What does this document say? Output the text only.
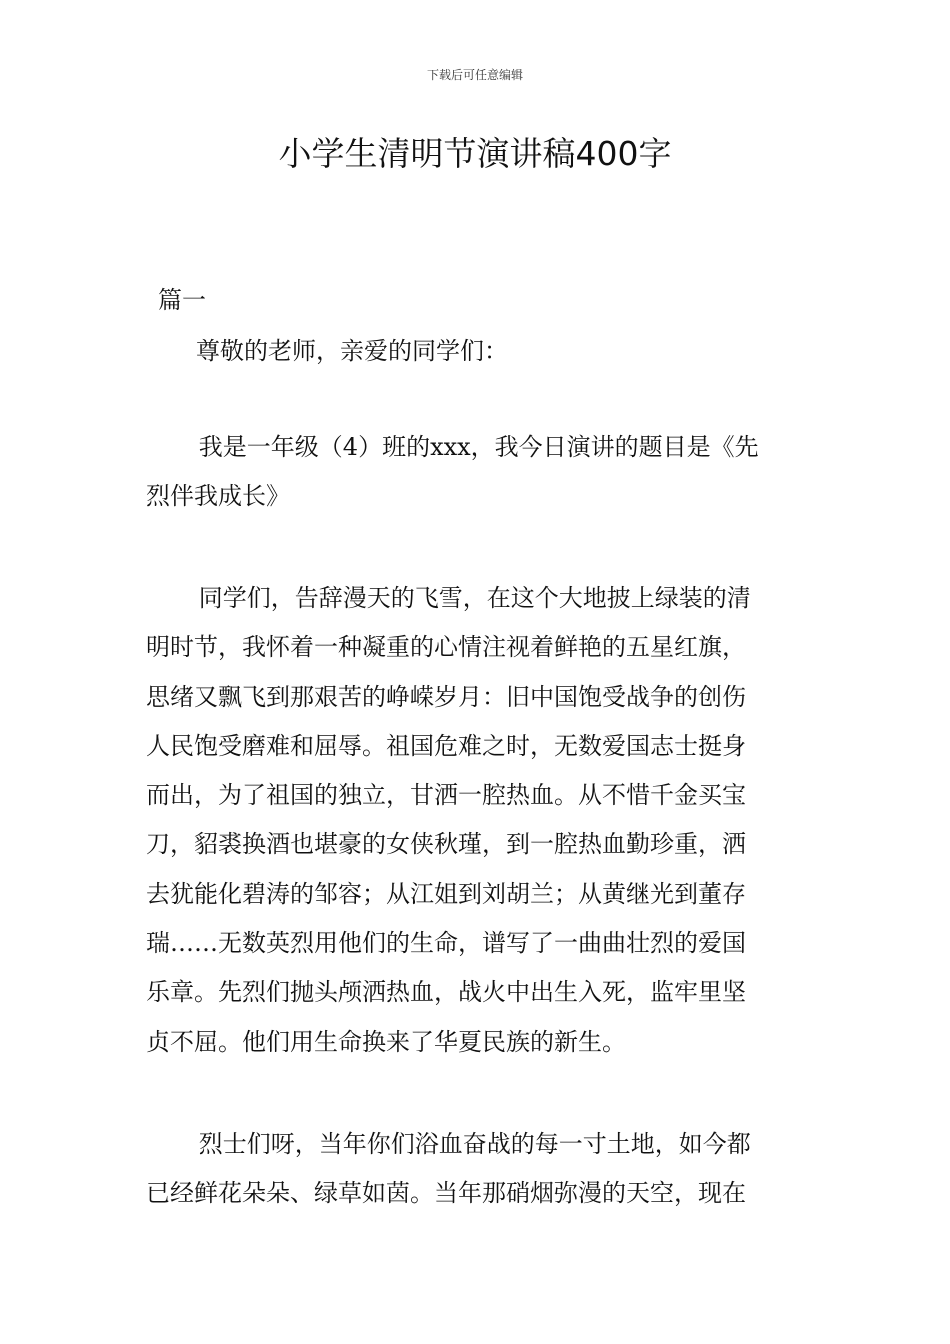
下载后可任意编辑
小学生清明节演讲稿400字
篇一
尊敬的老师，亲爱的同学们：
我是一年级（4）班的xxx，我今日演讲的题目是《先
烈伴我成长》
同学们，告辞漫天的飞雪，在这个大地披上绿装的清
明时节，我怀着一种凝重的心情注视着鲜艳的五星红旗，
思绪又飘飞到那艰苦的峥嵘岁月：旧中国饱受战争的创伤
人民饱受磨难和屈辱。祖国危难之时，无数爱国志士挺身
而出，为了祖国的独立，甘洒一腔热血。从不惜千金买宝
刀，貂裘换酒也堪豪的女侠秋瑾，到一腔热血勤珍重，洒
去犹能化碧涛的邹容；从江姐到刘胡兰；从黄继光到董存
瑞……无数英烈用他们的生命，谱写了一曲曲壮烈的爱国
乐章。先烈们抛头颅洒热血，战火中出生入死，监牢里坚
贞不屈。他们用生命换来了华夏民族的新生。
烈士们呀，当年你们浴血奋战的每一寸土地，如今都
已经鲜花朵朵、绿草如茵。当年那硝烟弥漫的天空，现在
